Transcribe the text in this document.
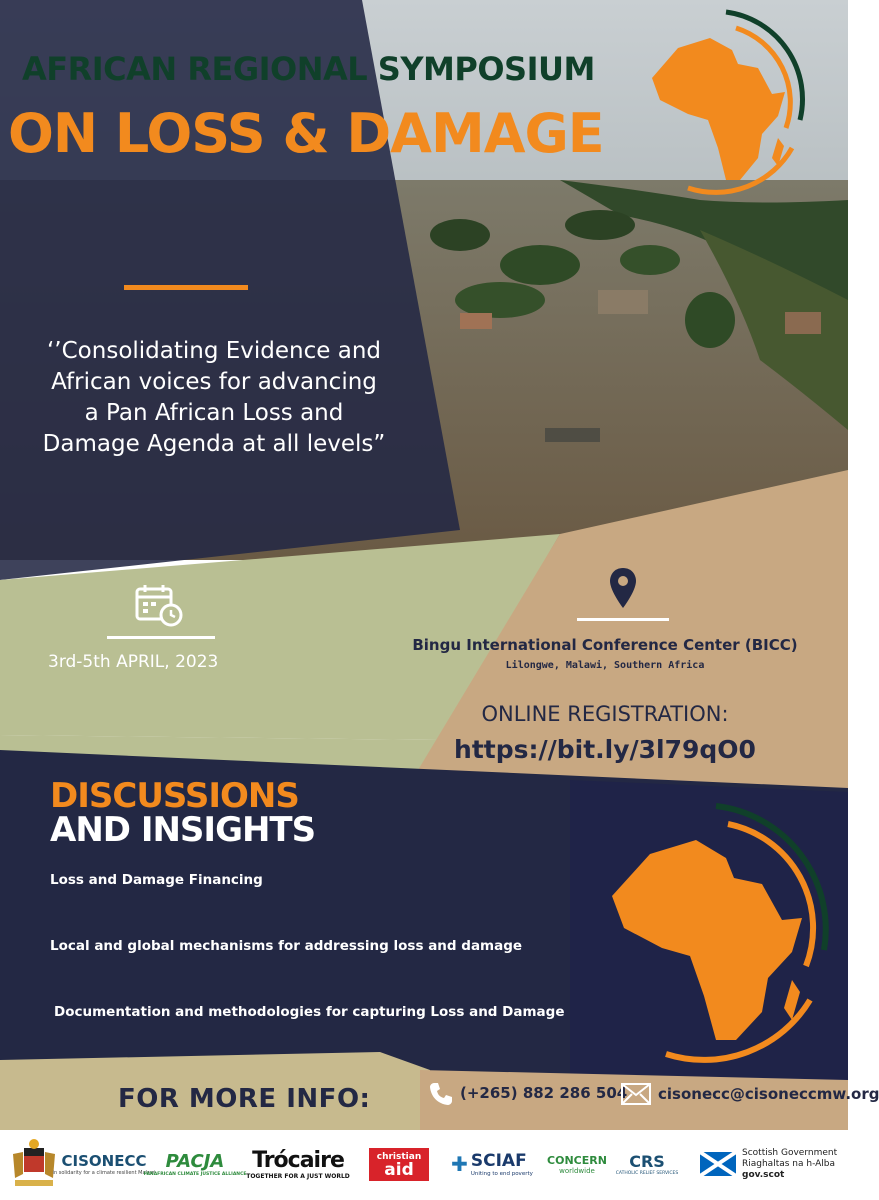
AFRICAN REGIONAL SYMPOSIUM
ON LOSS & DAMAGE
‘’Consolidating Evidence and
African voices for advancing
a Pan African Loss and
Damage Agenda at all levels”
3rd-5th APRIL, 2023
Bingu International Conference Center (BICC)
Lilongwe, Malawi, Southern Africa
ONLINE REGISTRATION:
https://bit.ly/3l79qO0
DISCUSSIONS
AND INSIGHTS
Loss and Damage Financing
Local and global mechanisms for addressing loss and damage
Documentation and methodologies for capturing Loss and Damage
FOR MORE INFO:	(+265) 882 286 504 cisonecc@cisoneccmw.org
CISONECC
in solidarity for a climate resilient Malawi
PACJA
PANAFRICAN CLIMATE JUSTICE ALLIANCE
Trócaire
TOGETHER FOR A JUST WORLD
christian
aid ✚ SCIAF
Uniting to end poverty
CONCERN
worldwide CRS
CATHOLIC RELIEF SERVICES
Scottish Government
Riaghaltas na h-Alba
gov.scot
